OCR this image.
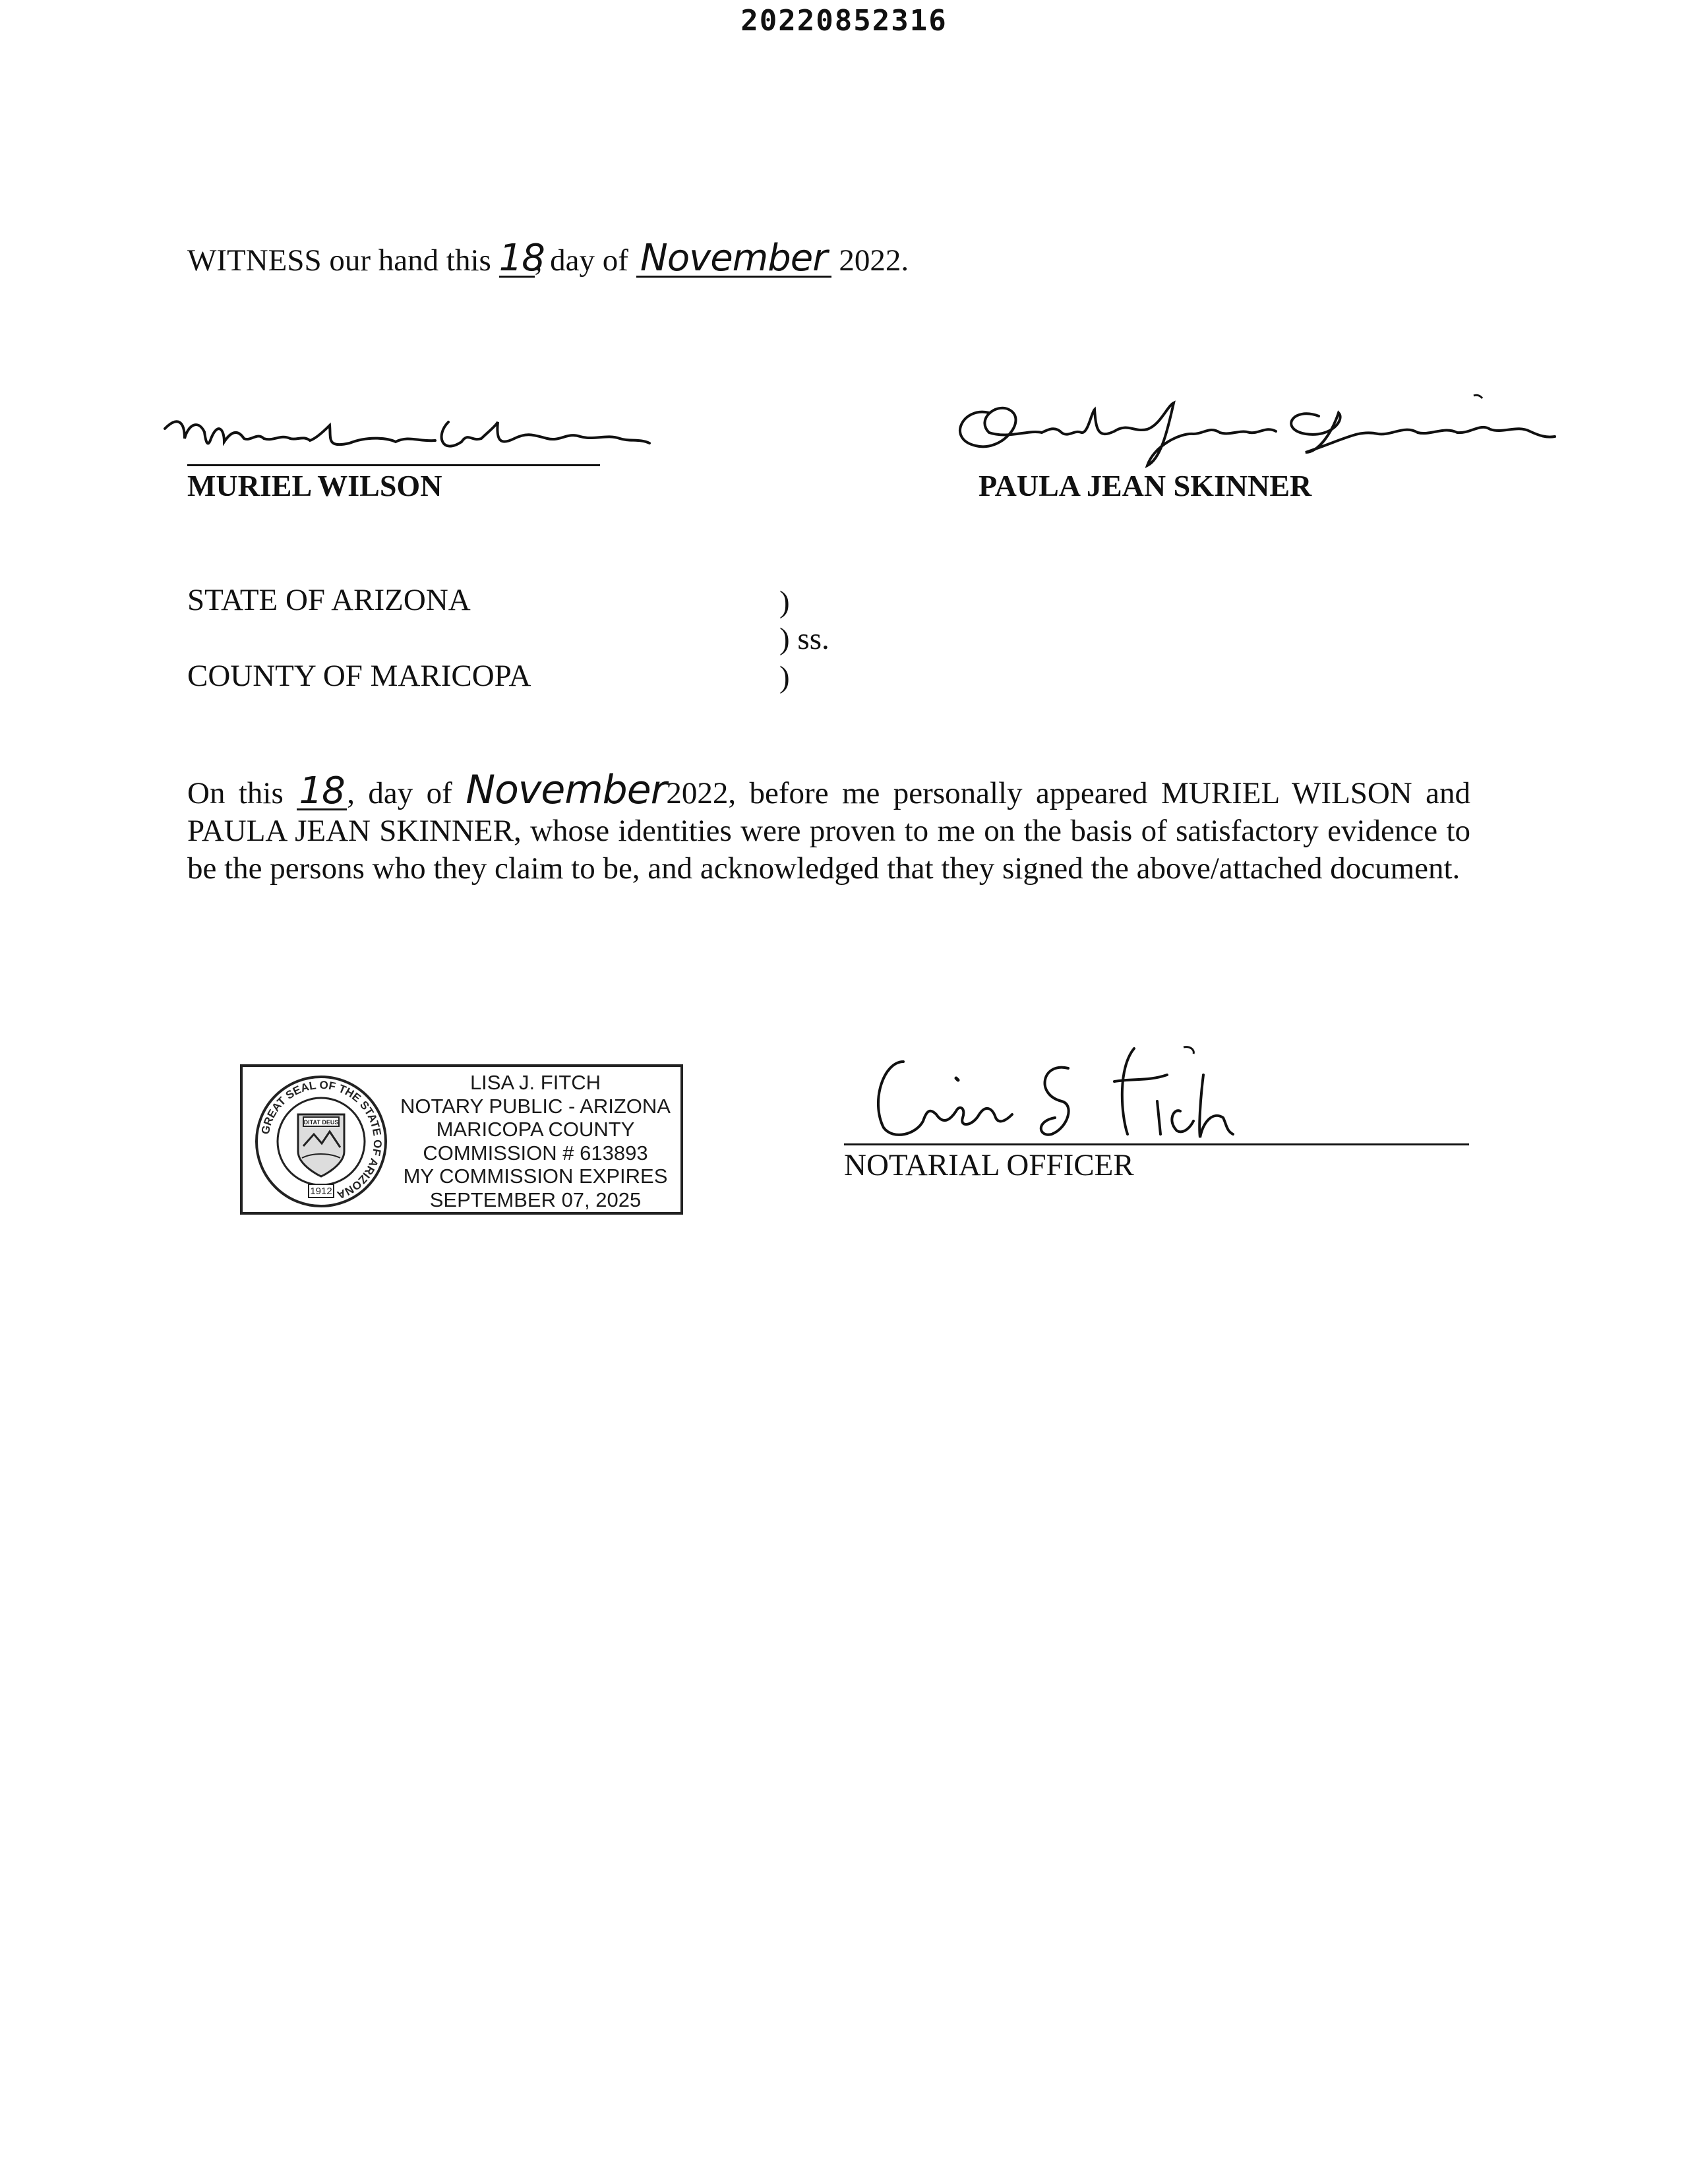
20220852316
WITNESS our hand this 18, day of November 2022.
MURIEL WILSON	PAULA JEAN SKINNER
STATE OF ARIZONA
COUNTY OF MARICOPA
)
) ss.
)
On this 18, day of November2022, before me personally appeared MURIEL WILSON and PAULA JEAN SKINNER, whose identities were proven to me on the basis of satisfactory evidence to be the persons who they claim to be, and acknowledged that they signed the above/attached document.
GREAT SEAL OF THE STATE OF ARIZONA
DITAT DEUS
1912
LISA J. FITCH
NOTARY PUBLIC - ARIZONA
MARICOPA COUNTY
COMMISSION # 613893
MY COMMISSION EXPIRES
SEPTEMBER 07, 2025
NOTARIAL OFFICER
